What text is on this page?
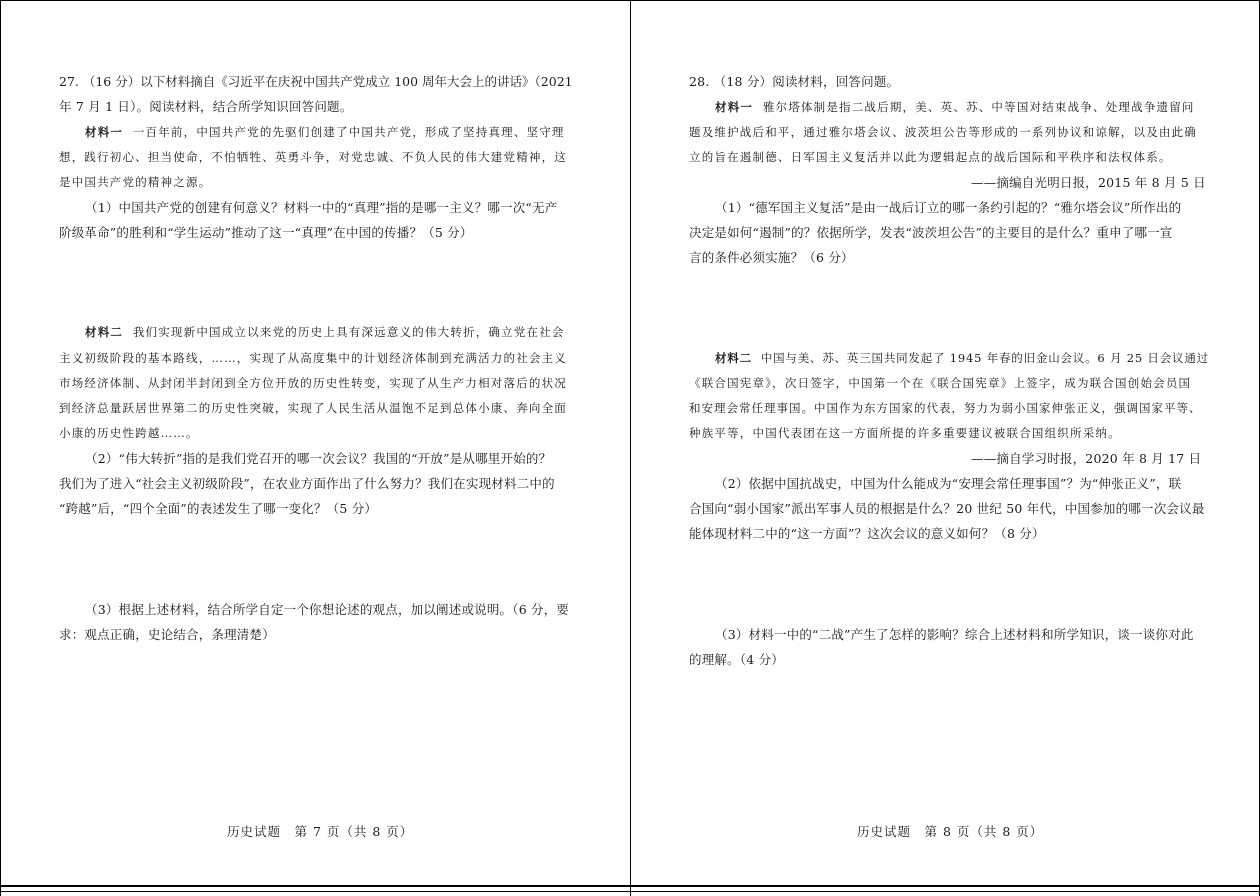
27. （16 分）以下材料摘自《习近平在庆祝中国共产党成立 100 周年大会上的讲话》（2021
年 7 月 1 日）。阅读材料，结合所学知识回答问题。
材料一 一百年前，中国共产党的先驱们创建了中国共产党，形成了坚持真理、坚守理
想，践行初心、担当使命，不怕牺牲、英勇斗争，对党忠诚、不负人民的伟大建党精神，这
是中国共产党的精神之源。
（1）中国共产党的创建有何意义？材料一中的“真理”指的是哪一主义？哪一次“无产
阶级革命”的胜利和“学生运动”推动了这一“真理”在中国的传播？（5 分）
材料二 我们实现新中国成立以来党的历史上具有深远意义的伟大转折，确立党在社会
主义初级阶段的基本路线，……，实现了从高度集中的计划经济体制到充满活力的社会主义
市场经济体制、从封闭半封闭到全方位开放的历史性转变，实现了从生产力相对落后的状况
到经济总量跃居世界第二的历史性突破，实现了人民生活从温饱不足到总体小康、奔向全面
小康的历史性跨越……。
（2）“伟大转折”指的是我们党召开的哪一次会议？我国的“开放”是从哪里开始的？
我们为了进入“社会主义初级阶段”，在农业方面作出了什么努力？我们在实现材料二中的
“跨越”后，“四个全面”的表述发生了哪一变化？（5 分）
（3）根据上述材料，结合所学自定一个你想论述的观点，加以阐述或说明。（6 分，要
求：观点正确，史论结合，条理清楚）
历史试题　第 7 页（共 8 页）
28. （18 分）阅读材料，回答问题。
材料一 雅尔塔体制是指二战后期，美、英、苏、中等国对结束战争、处理战争遗留问
题及维护战后和平，通过雅尔塔会议、波茨坦公告等形成的一系列协议和谅解，以及由此确
立的旨在遏制德、日军国主义复活并以此为逻辑起点的战后国际和平秩序和法权体系。
——摘编自光明日报，2015 年 8 月 5 日
（1）“德军国主义复活”是由一战后订立的哪一条约引起的？“雅尔塔会议”所作出的
决定是如何“遏制”的？依据所学，发表“波茨坦公告”的主要目的是什么？重申了哪一宣
言的条件必须实施？（6 分）
材料二 中国与美、苏、英三国共同发起了 1945 年春的旧金山会议。6 月 25 日会议通过
《联合国宪章》，次日签字，中国第一个在《联合国宪章》上签字，成为联合国创始会员国
和安理会常任理事国。中国作为东方国家的代表，努力为弱小国家伸张正义，强调国家平等、
种族平等，中国代表团在这一方面所提的许多重要建议被联合国组织所采纳。
——摘自学习时报，2020 年 8 月 17 日
（2）依据中国抗战史，中国为什么能成为“安理会常任理事国”？为“伸张正义”，联
合国向“弱小国家”派出军事人员的根据是什么？20 世纪 50 年代，中国参加的哪一次会议最
能体现材料二中的“这一方面”？这次会议的意义如何？（8 分）
（3）材料一中的“二战”产生了怎样的影响？综合上述材料和所学知识，谈一谈你对此
的理解。（4 分）
历史试题　第 8 页（共 8 页）
